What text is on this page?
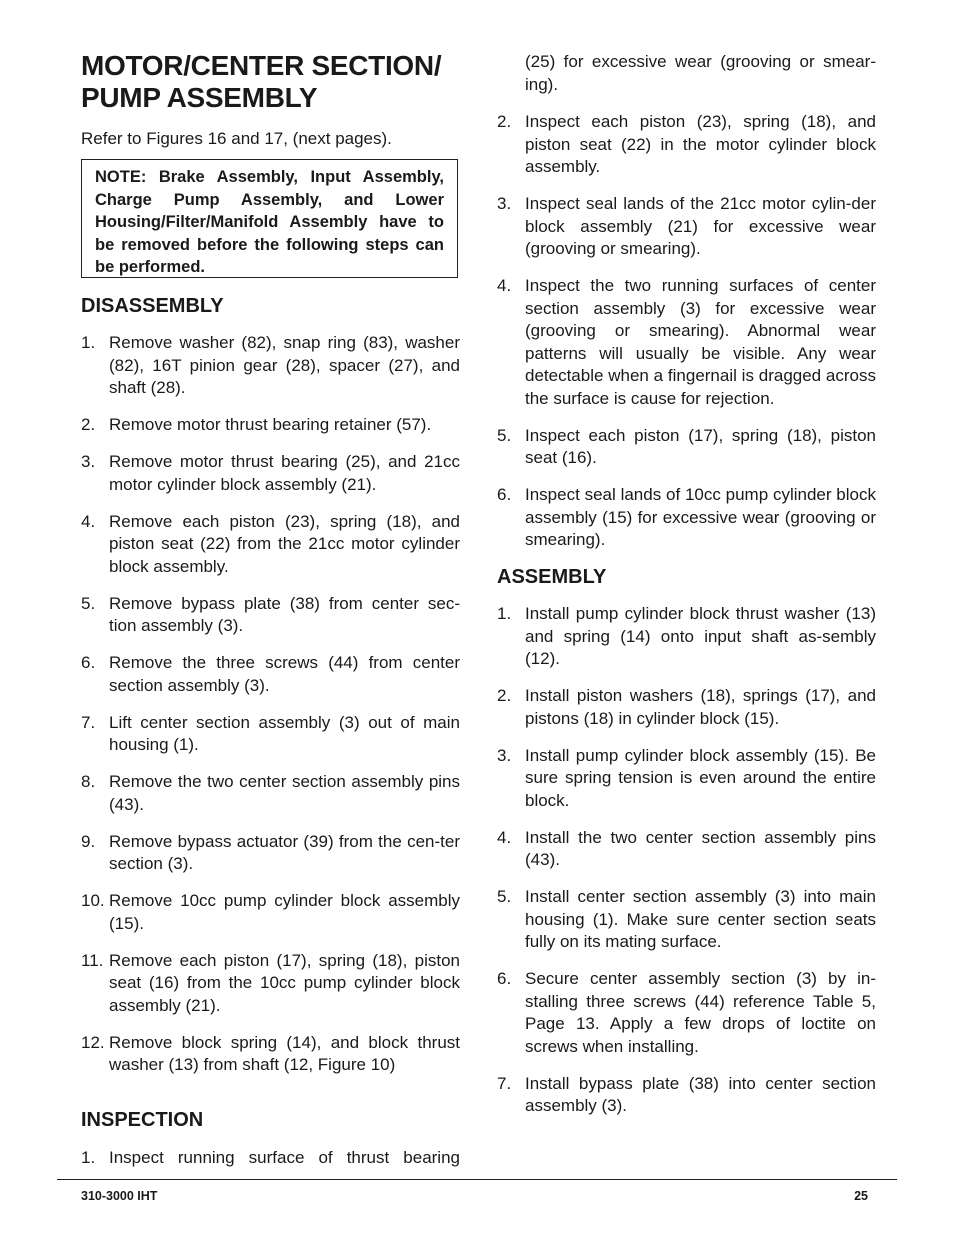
MOTOR/CENTER SECTION/
PUMP ASSEMBLY

Refer to Figures 16 and 17, (next pages).

NOTE: Brake Assembly, Input Assembly, Charge Pump Assembly, and Lower Housing/Filter/Manifold Assembly have to be removed before the following steps can be performed.
DISASSEMBLY
1. Remove washer (82), snap ring (83), washer (82), 16T pinion gear (28), spacer (27), and shaft (28).
2. Remove motor thrust bearing retainer (57).
3. Remove motor thrust bearing (25), and 21cc motor cylinder block assembly (21).
4. Remove each piston (23), spring (18), and piston seat (22) from the 21cc motor cylinder block assembly.
5. Remove bypass plate (38) from center sec-tion assembly (3).
6. Remove the three screws (44) from center section assembly (3).
7. Lift center section assembly (3) out of main housing (1).
8. Remove the two center section assembly pins (43).
9. Remove bypass actuator (39) from the cen-ter section (3).
10. Remove 10cc pump cylinder block assembly (15).
11. Remove each piston (17), spring (18), piston seat (16) from the 10cc pump cylinder block assembly (21).
12. Remove block spring (14), and block thrust washer (13) from shaft (12, Figure 10)
INSPECTION
1. Inspect running surface of thrust bearing
(25) for excessive wear (grooving or smear-ing).
2. Inspect each piston (23), spring (18), and piston seat (22) in the motor cylinder block assembly.
3. Inspect seal lands of the 21cc motor cylin-der block assembly (21) for excessive wear (grooving or smearing).
4. Inspect the two running surfaces of center section assembly (3) for excessive wear (grooving or smearing). Abnormal wear patterns will usually be visible. Any wear detectable when a fingernail is dragged across the surface is cause for rejection.
5. Inspect each piston (17), spring (18), piston seat (16).
6. Inspect seal lands of 10cc pump cylinder block assembly (15) for excessive wear (grooving or smearing).
ASSEMBLY
1. Install pump cylinder block thrust washer (13) and spring (14) onto input shaft as-sembly (12).
2. Install piston washers (18), springs (17), and pistons (18) in cylinder block (15).
3. Install pump cylinder block assembly (15). Be sure spring tension is even around the entire block.
4. Install the two center section assembly pins (43).
5. Install center section assembly (3) into main housing (1). Make sure center section seats fully on its mating surface.
6. Secure center assembly section (3) by in-stalling three screws (44) reference Table 5, Page 13. Apply a few drops of loctite on screws when installing.
7. Install bypass plate (38) into center section assembly (3).
310-3000 IHT	25
